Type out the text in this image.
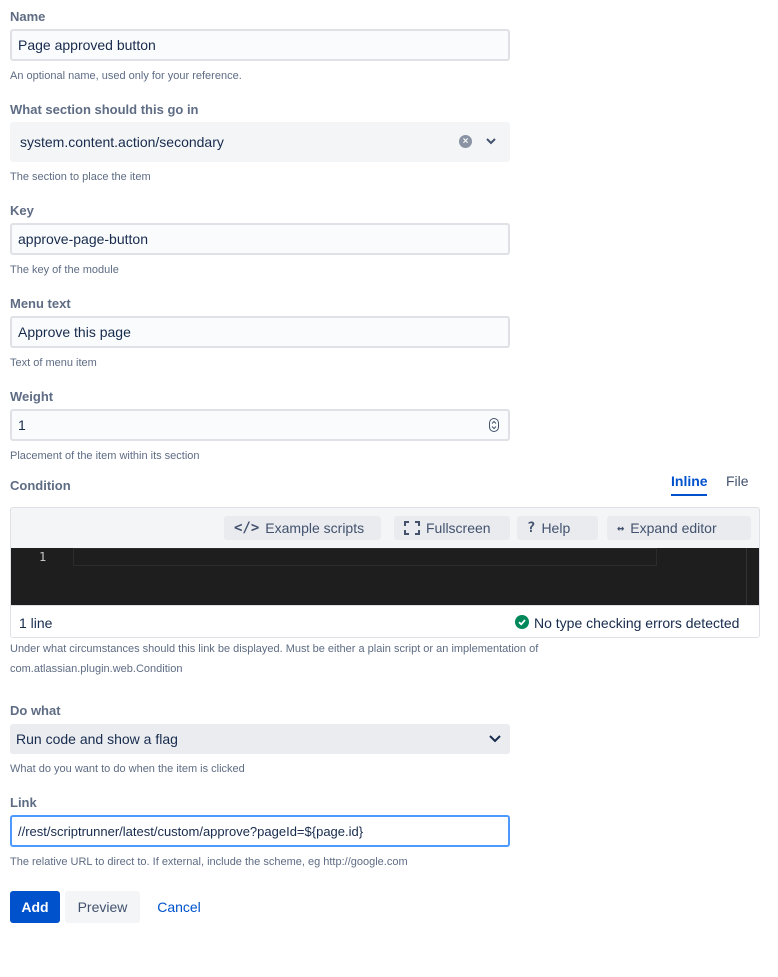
Name
Page approved button
An optional name, used only for your reference.
What section should this go in
system.content.action/secondary	×
The section to place the item
Key
approve-page-button
The key of the module
Menu text
Approve this page
Text of menu item
Weight
1
Placement of the item within its section
Condition	Inline File
</> Example scripts	Fullscreen	? Help	↔ Expand editor
1
1 line	No type checking errors detected
Under what circumstances should this link be displayed. Must be either a plain script or an implementation of
com.atlassian.plugin.web.Condition
Do what
Run code and show a flag
What do you want to do when the item is clicked
Link
//rest/scriptrunner/latest/custom/approve?pageId=${page.id}
The relative URL to direct to. If external, include the scheme, eg http://google.com
Add	Preview	Cancel
